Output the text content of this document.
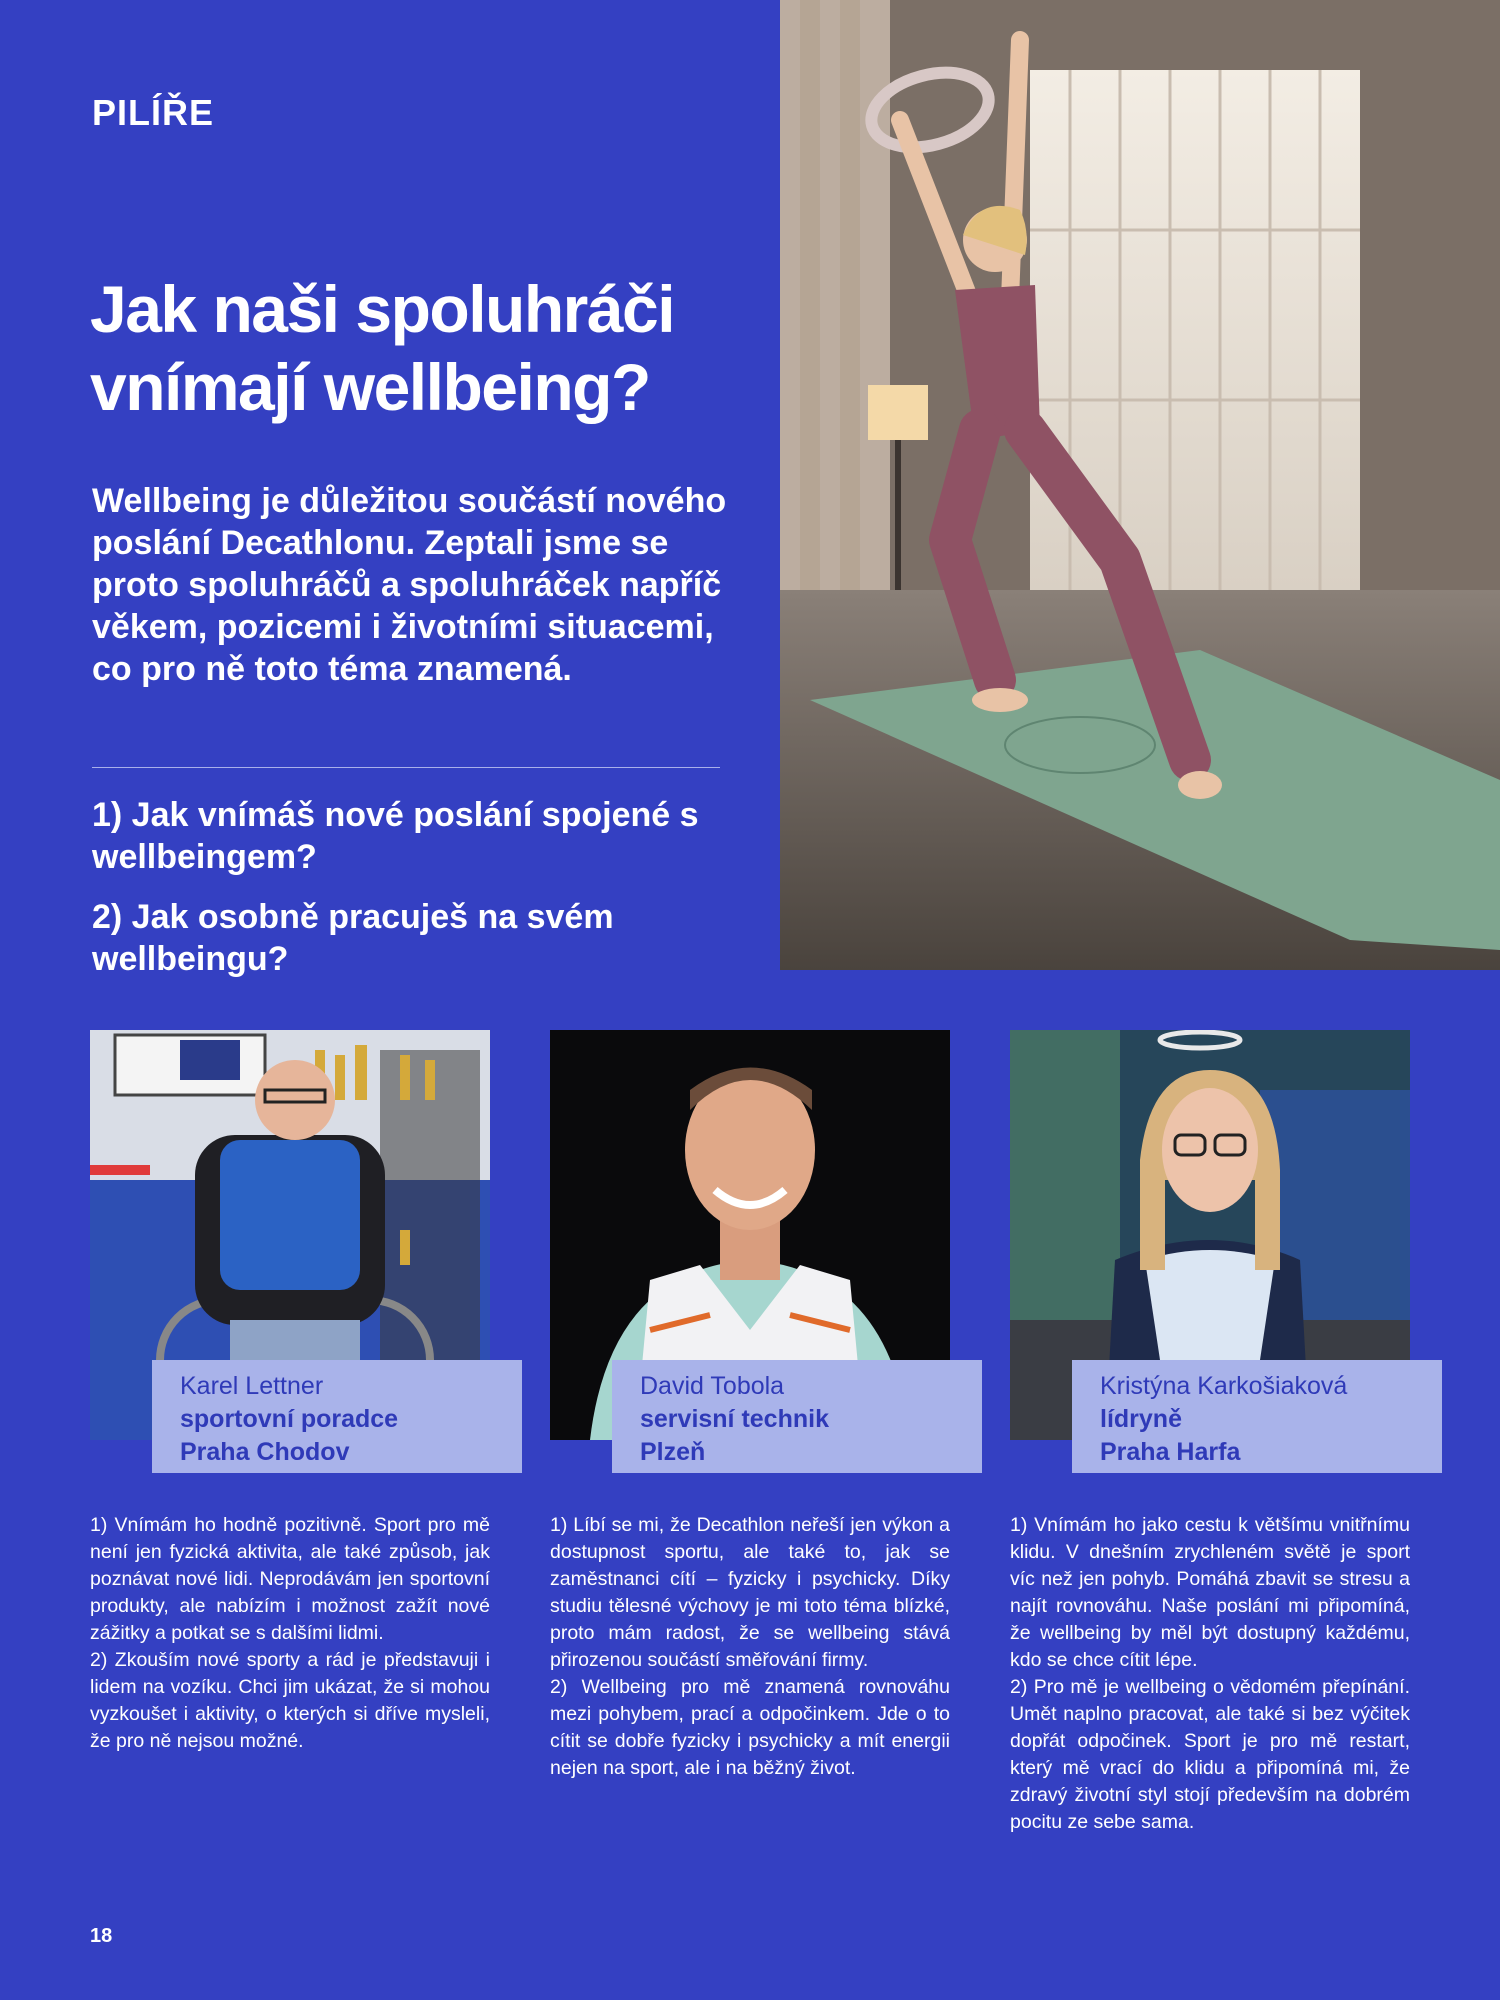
PILÍŘE
Jak naši spoluhráči vnímají wellbeing?

Wellbeing je důležitou součástí nového poslání Decathlonu. Zeptali jsme se proto spoluhráčů a spoluhráček napříč věkem, pozicemi i životními situacemi, co pro ně toto téma znamená.

1) Jak vnímáš nové poslání spojené s wellbeingem?

2) Jak osobně pracuješ na svém wellbeingu?

Karel Lettner
sportovní poradce
Praha Chodov
1) Vnímám ho hodně pozitivně. Sport pro mě není jen fyzická aktivita, ale také způsob, jak poznávat nové lidi. Neprodávám jen sportovní produkty, ale nabízím i možnost zažít nové zážitky a potkat se s dalšími lidmi.
2) Zkouším nové sporty a rád je představuji i lidem na vozíku. Chci jim ukázat, že si mohou vyzkoušet i aktivity, o kterých si dříve mysleli, že pro ně nejsou možné.
David Tobola
servisní technik
Plzeň
1) Líbí se mi, že Decathlon neřeší jen výkon a dostupnost sportu, ale také to, jak se zaměstnanci cítí – fyzicky i psychicky. Díky studiu tělesné výchovy je mi toto téma blízké, proto mám radost, že se wellbeing stává přirozenou součástí směřování firmy.
2) Wellbeing pro mě znamená rovnováhu mezi pohybem, prací a odpočinkem. Jde o to cítit se dobře fyzicky i psychicky a mít energii nejen na sport, ale i na běžný život.
Kristýna Karkošiaková
lídryně
Praha Harfa
1) Vnímám ho jako cestu k většímu vnitřnímu klidu. V dnešním zrychleném světě je sport víc než jen pohyb. Pomáhá zbavit se stresu a najít rovnováhu. Naše poslání mi připomíná, že wellbeing by měl být dostupný každému, kdo se chce cítit lépe.
2) Pro mě je wellbeing o vědomém přepínání. Umět naplno pracovat, ale také si bez výčitek dopřát odpočinek. Sport je pro mě restart, který mě vrací do klidu a připomíná mi, že zdravý životní styl stojí především na dobrém pocitu ze sebe sama.
18
